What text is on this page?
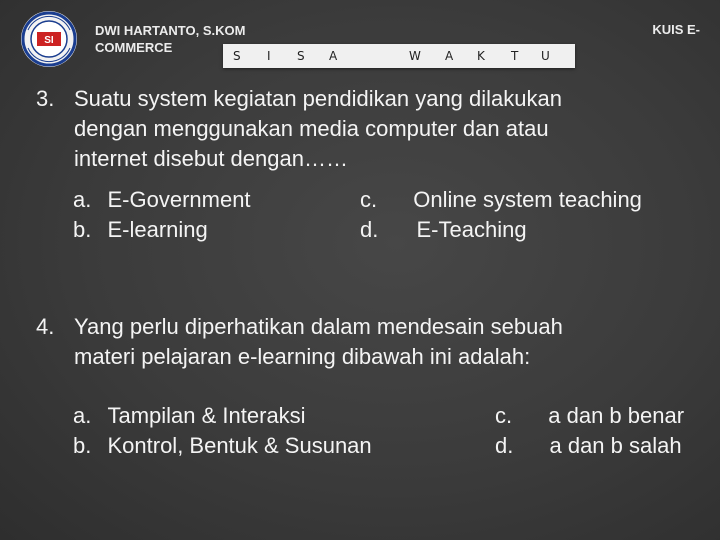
SI
DWI HARTANTO, S.KOM
COMMERCE
KUIS E-
S I S A	W A K T U
3. Suatu system kegiatan pendidikan yang dilakukan
dengan menggunakan media computer dan atau
internet disebut dengan……
a. E-Government
b. E-learning
c. Online system teaching
d. E-Teaching
4. Yang perlu diperhatikan dalam mendesain sebuah
materi pelajaran e-learning dibawah ini adalah:
a. Tampilan & Interaksi
b. Kontrol, Bentuk & Susunan
c. a dan b benar
d. a dan b salah
